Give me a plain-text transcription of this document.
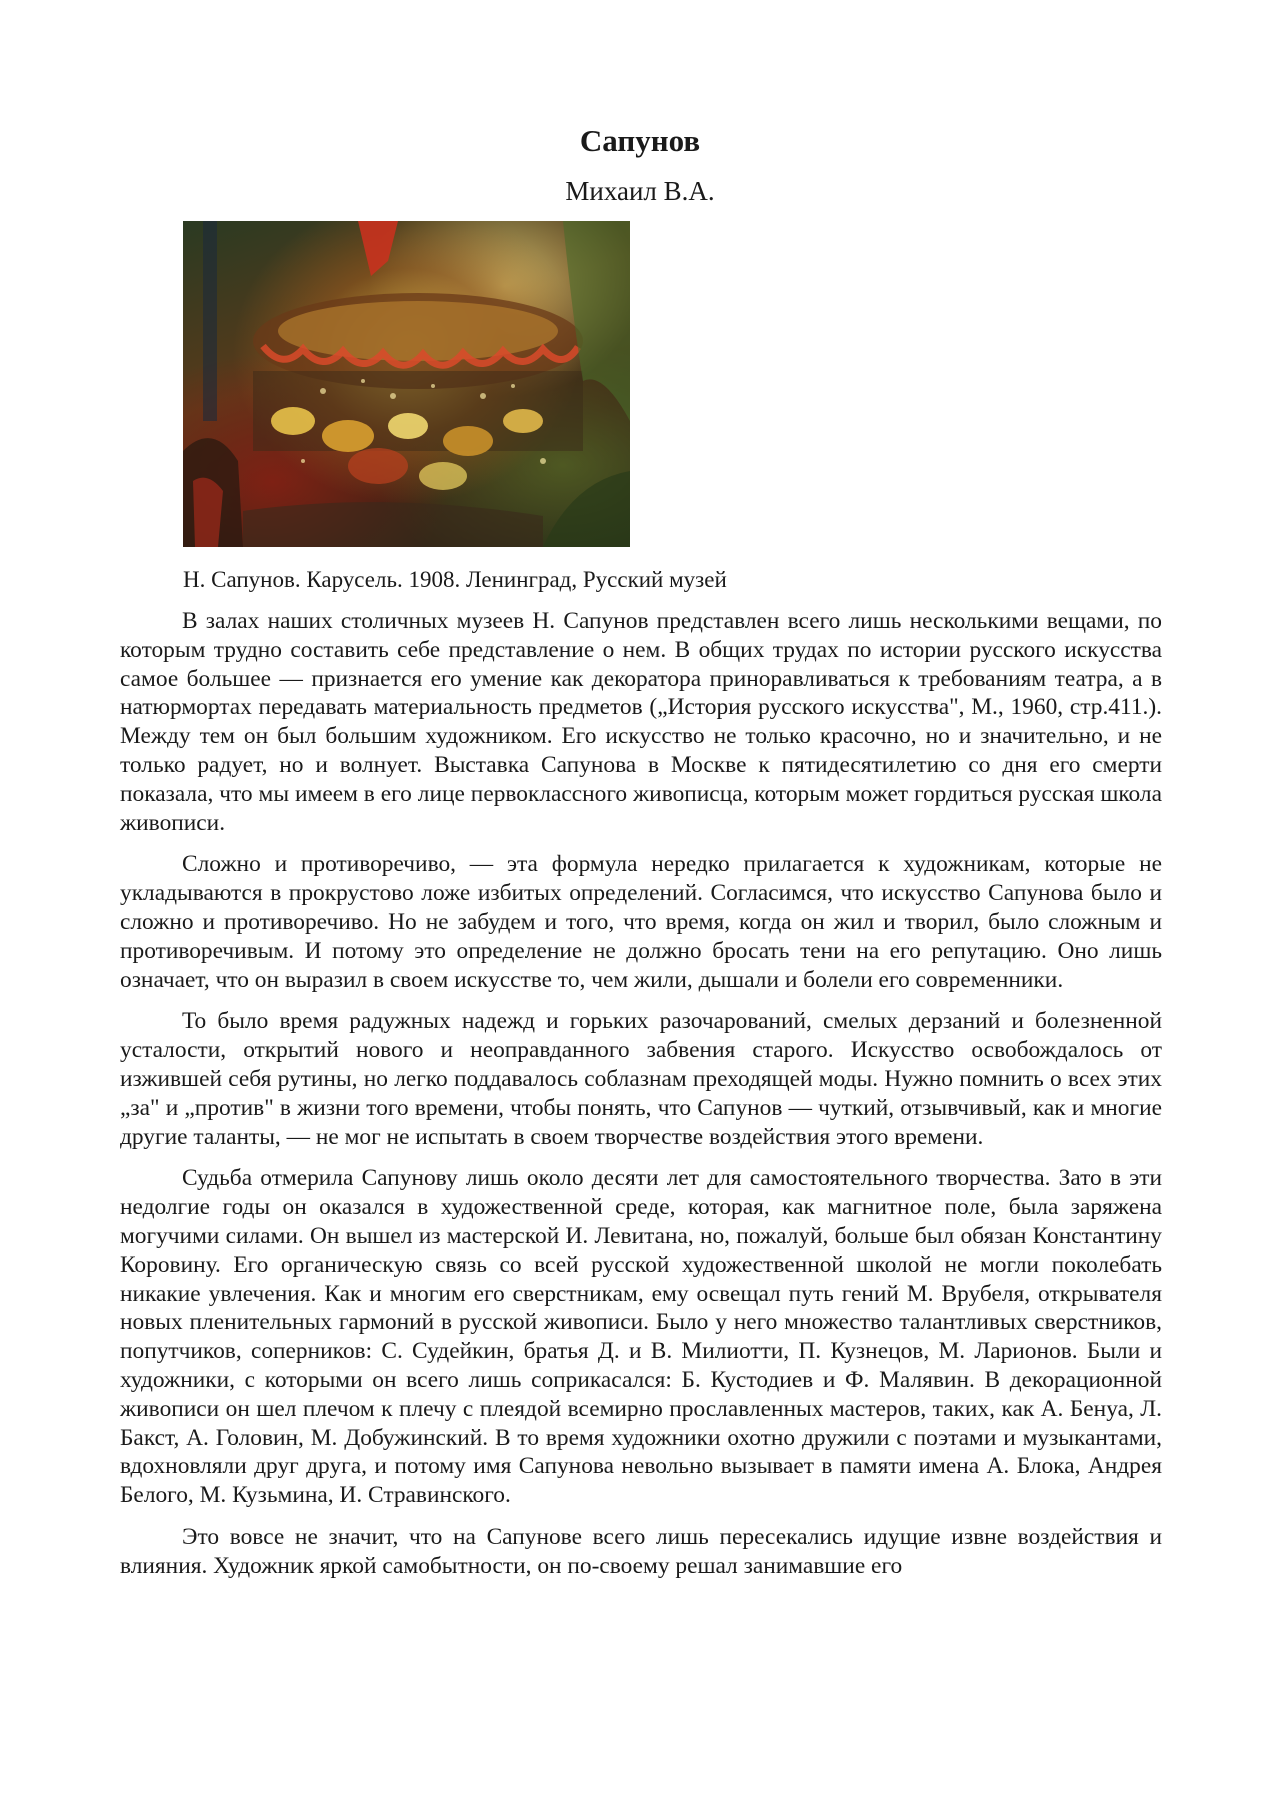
Сапунов
Михаил В.А.
Н. Сапунов. Карусель. 1908. Ленинград, Русский музей

В залах наших столичных музеев Н. Сапунов представлен всего лишь несколькими вещами, по которым трудно составить себе представление о нем. В общих трудах по истории русского искусства самое большее — признается его умение как декоратора приноравливаться к требованиям театра, а в натюрмортах передавать материальность предметов („История русского искусства", М., 1960, стр.411.). Между тем он был большим художником. Его искусство не только красочно, но и значительно, и не только радует, но и волнует. Выставка Сапунова в Москве к пятидесятилетию со дня его смерти показала, что мы имеем в его лице первоклассного живописца, которым может гордиться русская школа живописи.

Сложно и противоречиво, — эта формула нередко прилагается к художникам, которые не укладываются в прокрустово ложе избитых определений. Согласимся, что искусство Сапунова было и сложно и противоречиво. Но не забудем и того, что время, когда он жил и творил, было сложным и противоречивым. И потому это определение не должно бросать тени на его репутацию. Оно лишь означает, что он выразил в своем искусстве то, чем жили, дышали и болели его современники.

То было время радужных надежд и горьких разочарований, смелых дерзаний и болезненной усталости, открытий нового и неоправданного забвения старого. Искусство освобождалось от изжившей себя рутины, но легко поддавалось соблазнам преходящей моды. Нужно помнить о всех этих „за" и „против" в жизни того времени, чтобы понять, что Сапунов — чуткий, отзывчивый, как и многие другие таланты, — не мог не испытать в своем творчестве воздействия этого времени.

Судьба отмерила Сапунову лишь около десяти лет для самостоятельного творчества. Зато в эти недолгие годы он оказался в художественной среде, которая, как магнитное поле, была заряжена могучими силами. Он вышел из мастерской И. Левитана, но, пожалуй, больше был обязан Константину Коровину. Его органическую связь со всей русской художественной школой не могли поколебать никакие увлечения. Как и многим его сверстникам, ему освещал путь гений М. Врубеля, открывателя новых пленительных гармоний в русской живописи. Было у него множество талантливых сверстников, попутчиков, соперников: С. Судейкин, братья Д. и В. Милиотти, П. Кузнецов, М. Ларионов. Были и художники, с которыми он всего лишь соприкасался: Б. Кустодиев и Ф. Малявин. В декорационной живописи он шел плечом к плечу с плеядой всемирно прославленных мастеров, таких, как А. Бенуа, Л. Бакст, А. Головин, М. Добужинский. В то время художники охотно дружили с поэтами и музыкантами, вдохновляли друг друга, и потому имя Сапунова невольно вызывает в памяти имена А. Блока, Андрея Белого, М. Кузьмина, И. Стравинского.

Это вовсе не значит, что на Сапунове всего лишь пересекались идущие извне воздействия и влияния. Художник яркой самобытности, он по-своему решал занимавшие его
